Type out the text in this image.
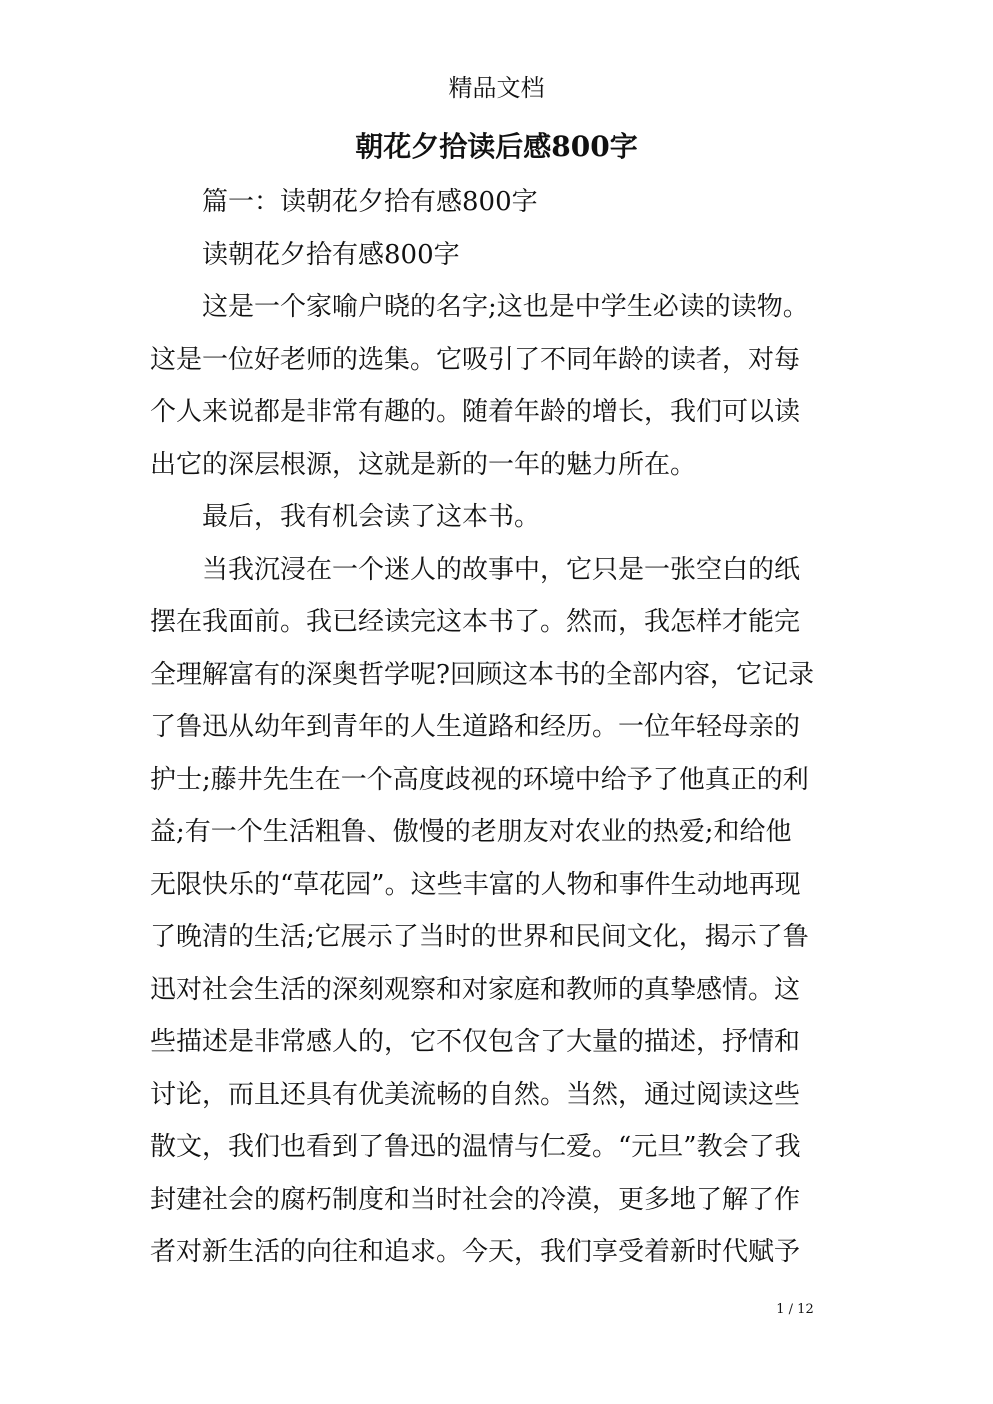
精品文档
朝花夕拾读后感800字
篇一：读朝花夕拾有感800字
读朝花夕拾有感800字
这是一个家喻户晓的名字;这也是中学生必读的读物。
这是一位好老师的选集。它吸引了不同年龄的读者，对每
个人来说都是非常有趣的。随着年龄的增长，我们可以读
出它的深层根源，这就是新的一年的魅力所在。
最后，我有机会读了这本书。
当我沉浸在一个迷人的故事中，它只是一张空白的纸
摆在我面前。我已经读完这本书了。然而，我怎样才能完
全理解富有的深奥哲学呢?回顾这本书的全部内容，它记录
了鲁迅从幼年到青年的人生道路和经历。一位年轻母亲的
护士;藤井先生在一个高度歧视的环境中给予了他真正的利
益;有一个生活粗鲁、傲慢的老朋友对农业的热爱;和给他
无限快乐的“草花园”。这些丰富的人物和事件生动地再现
了晚清的生活;它展示了当时的世界和民间文化，揭示了鲁
迅对社会生活的深刻观察和对家庭和教师的真挚感情。这
些描述是非常感人的，它不仅包含了大量的描述，抒情和
讨论，而且还具有优美流畅的自然。当然，通过阅读这些
散文，我们也看到了鲁迅的温情与仁爱。“元旦”教会了我
封建社会的腐朽制度和当时社会的冷漠，更多地了解了作
者对新生活的向往和追求。今天，我们享受着新时代赋予
1 / 12
